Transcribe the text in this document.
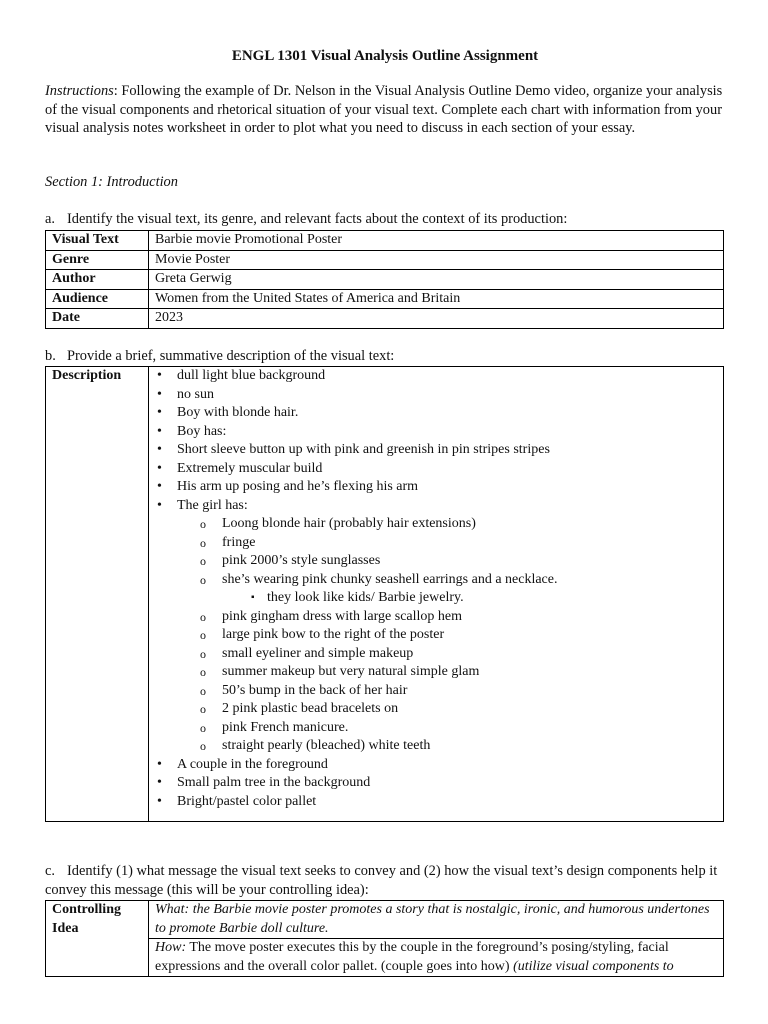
ENGL 1301 Visual Analysis Outline Assignment
Instructions: Following the example of Dr. Nelson in the Visual Analysis Outline Demo video, organize your analysis of the visual components and rhetorical situation of your visual text. Complete each chart with information from your visual analysis notes worksheet in order to plot what you need to discuss in each section of your essay.
Section 1: Introduction
a. Identify the visual text, its genre, and relevant facts about the context of its production:
Visual Text	Barbie movie Promotional Poster
Genre	Movie Poster
Author	Greta Gerwig
Audience	Women from the United States of America and Britain
Date	2023
b. Provide a brief, summative description of the visual text:
Description	
•dull light blue background
• no sun
• Boy with blonde hair.
• Boy has:
• Short sleeve button up with pink and greenish in pin stripes stripes
• Extremely muscular build
• His arm up posing and he’s flexing his arm
• The girl has:
o Loong blonde hair (probably hair extensions)
o fringe
o pink 2000’s style sunglasses
o she’s wearing pink chunky seashell earrings and a necklace.
▪ they look like kids/ Barbie jewelry.
o pink gingham dress with large scallop hem
o large pink bow to the right of the poster
o small eyeliner and simple makeup
o summer makeup but very natural simple glam
o 50’s bump in the back of her hair
o 2 pink plastic bead bracelets on
o pink French manicure.
o straight pearly (bleached) white teeth
• A couple in the foreground
• Small palm tree in the background
• Bright/pastel color pallet
c. Identify (1) what message the visual text seeks to convey and (2) how the visual text’s design components help it convey this message (this will be your controlling idea):
Controlling Idea	What: the Barbie movie poster promotes a story that is nostalgic, ironic, and humorous undertones to promote Barbie doll culture.
How: The move poster executes this by the couple in the foreground’s posing/styling, facial expressions and the overall color pallet. (couple goes into how) (utilize visual components to
